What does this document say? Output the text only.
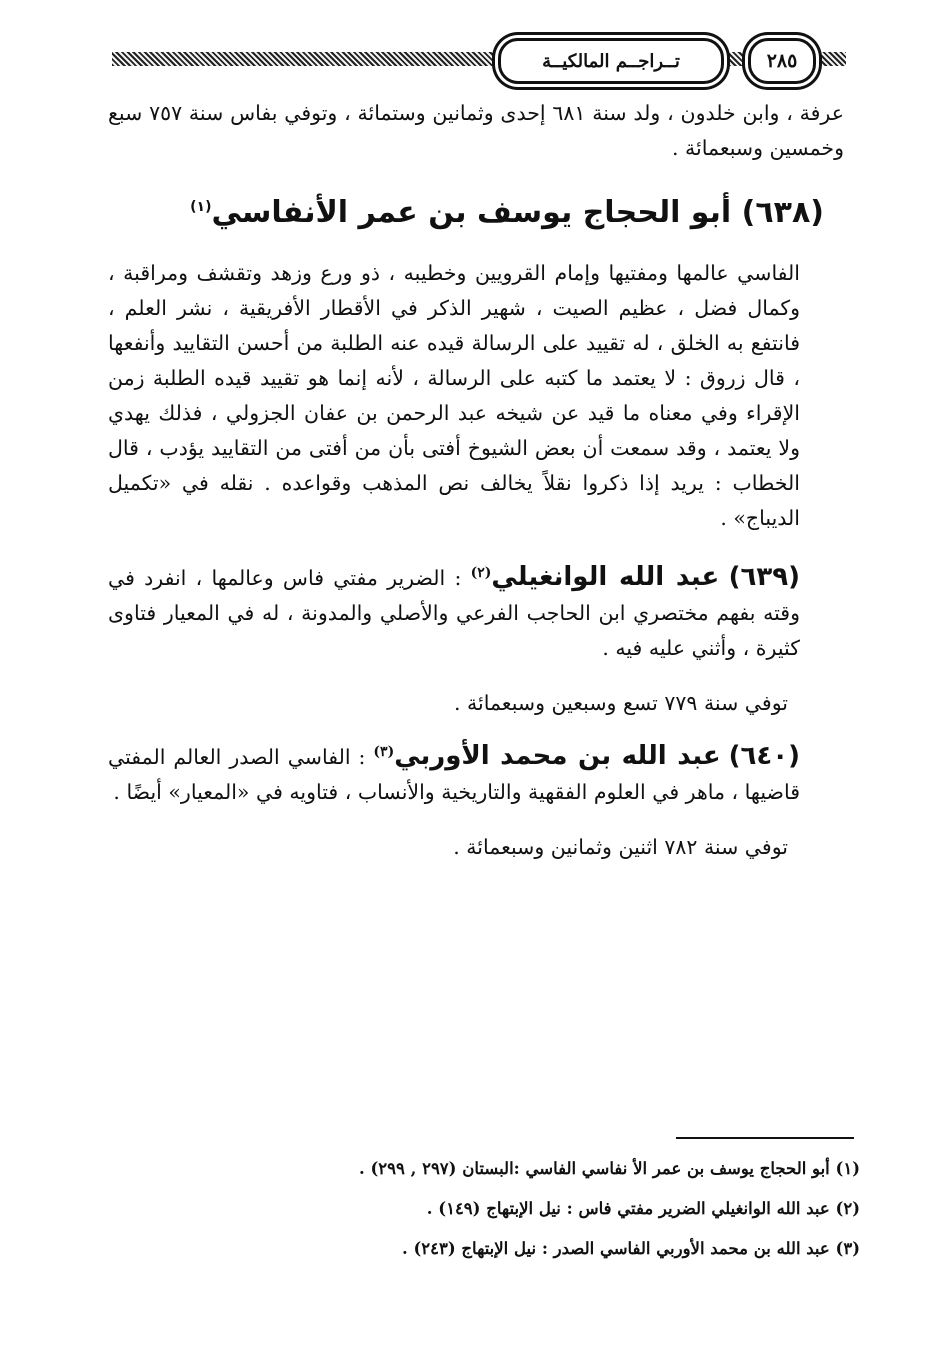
تــراجــم المالكيــة	٢٨٥

عرفة ، وابن خلدون ، ولد سنة ٦٨١ إحدى وثمانين وستمائة ، وتوفي بفاس سنة ٧٥٧ سبع وخمسين وسبعمائة .

(٦٣٨) أبو الحجاج يوسف بن عمر الأنفاسي$^{(١)}$

الفاسي عالمها ومفتيها وإمام القرويين وخطيبه ، ذو ورع وزهد وتقشف ومراقبة ، وكمال فضل ، عظيم الصيت ، شهير الذكر في الأقطار الأفريقية ، نشر العلم ، فانتفع به الخلق ، له تقييد على الرسالة قيده عنه الطلبة من أحسن التقاييد وأنفعها ، قال زروق : لا يعتمد ما كتبه على الرسالة ، لأنه إنما هو تقييد قيده الطلبة زمن الإقراء وفي معناه ما قيد عن شيخه عبد الرحمن بن عفان الجزولي ، فذلك يهدي ولا يعتمد ، وقد سمعت أن بعض الشيوخ أفتى بأن من أفتى من التقاييد يؤدب ، قال الخطاب : يريد إذا ذكروا نقلاً يخالف نص المذهب وقواعده . نقله في «تكميل الديباج» .

(٦٣٩) عبد الله الوانغيلي$^{(٢)}$ : الضرير مفتي فاس وعالمها ، انفرد في وقته بفهم مختصري ابن الحاجب الفرعي والأصلي والمدونة ، له في المعيار فتاوى كثيرة ، وأثني عليه فيه .

توفي سنة ٧٧٩ تسع وسبعين وسبعمائة .

(٦٤٠) عبد الله بن محمد الأوربي$^{(٣)}$ : الفاسي الصدر العالم المفتي قاضيها ، ماهر في العلوم الفقهية والتاريخية والأنساب ، فتاويه في «المعيار» أيضًا .

توفي سنة ٧٨٢ اثنين وثمانين وسبعمائة .

(١) أبو الحجاج يوسف بن عمر الأ نفاسي الفاسي :البستان (٢٩٧ , ٢٩٩) .

(٢) عبد الله الوانغيلي الضرير مفتي فاس : نيل الإبتهاج (١٤٩) .

(٣) عبد الله بن محمد الأوربي الفاسي الصدر : نيل الإبتهاج (٢٤٣) .
